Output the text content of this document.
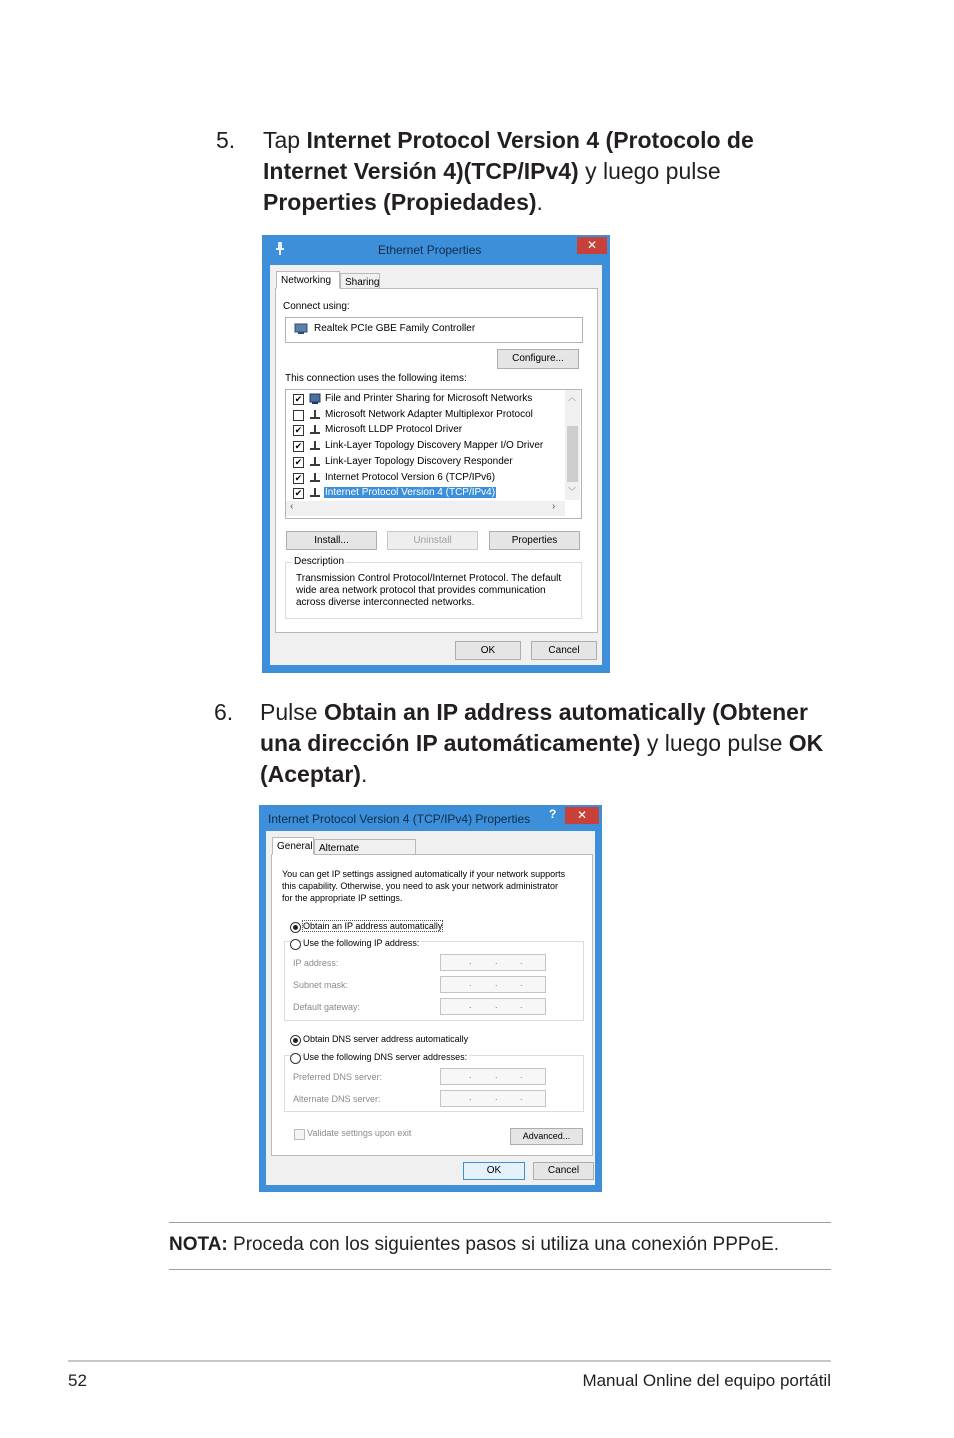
5. Tap Internet Protocol Version 4 (Protocolo de
Internet Versión 4)(TCP/IPv4) y luego pulse
Properties (Propiedades).
Ethernet Properties	✕
Networking	Sharing
Connect using:
Realtek PCIe GBE Family Controller
Configure...
This connection uses the following items:
✔ File and Printer Sharing for Microsoft Networks
Microsoft Network Adapter Multiplexor Protocol
✔ Microsoft LLDP Protocol Driver
✔ Link-Layer Topology Discovery Mapper I/O Driver
✔ Link-Layer Topology Discovery Responder
✔ Internet Protocol Version 6 (TCP/IPv6)
✔ Internet Protocol Version 4 (TCP/IPv4)
︿
﹀
‹	›
Install...	Uninstall	Properties
Description
Transmission Control Protocol/Internet Protocol. The default
wide area network protocol that provides communication
across diverse interconnected networks.
OK	Cancel
6. Pulse Obtain an IP address automatically (Obtener
una dirección IP automáticamente) y luego pulse OK
(Aceptar).
Internet Protocol Version 4 (TCP/IPv4) Properties ?	✕
General Alternate
You can get IP settings assigned automatically if your network supports
this capability. Otherwise, you need to ask your network administrator
for the appropriate IP settings.
Obtain an IP address automatically
Use the following IP address:
IP address:	.	. .
Subnet mask:	.	. .
Default gateway:	.	. .
Obtain DNS server address automatically
Use the following DNS server addresses:
Preferred DNS server:	.	. .
Alternate DNS server:	.	. .
Validate settings upon exit	Advanced...
OK	Cancel
NOTA: Proceda con los siguientes pasos si utiliza una conexión PPPoE.
52	Manual Online del equipo portátil
